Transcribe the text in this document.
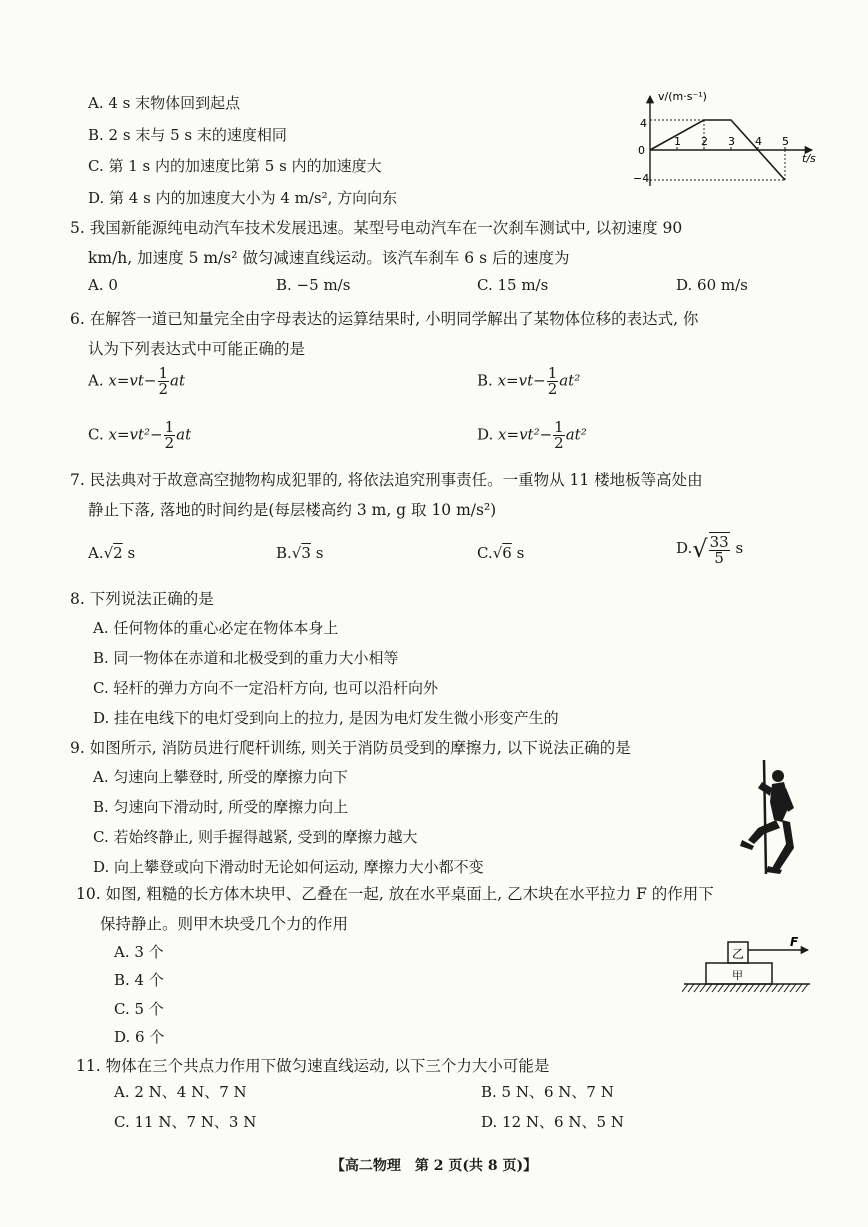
A. 4 s 末物体回到起点
B. 2 s 末与 5 s 末的速度相同
C. 第 1 s 内的加速度比第 5 s 内的加速度大
D. 第 4 s 内的加速度大小为 4 m/s², 方向向东
v/(m·s⁻¹)
t/s
0
4
−4
1 2 3 4 5
5. 我国新能源纯电动汽车技术发展迅速。某型号电动汽车在一次刹车测试中, 以初速度 90
km/h, 加速度 5 m/s² 做匀减速直线运动。该汽车刹车 6 s 后的速度为
A. 0	B. −5 m/s	C. 15 m/s	D. 60 m/s
6. 在解答一道已知量完全由字母表达的运算结果时, 小明同学解出了某物体位移的表达式, 你
认为下列表达式中可能正确的是
A. $x=vt- \frac{1}{2}$ at	B. $x=vt- \frac{1}{2} at^2$
C. $x=vt^2- \frac{1}{2}$ at	D. $x=vt^2- \frac{1}{2} at^2$
7. 民法典对于故意高空抛物构成犯罪的, 将依法追究刑事责任。一重物从 11 楼地板等高处由
静止下落, 落地的时间约是(每层楼高约 3 m, g 取 10 m/s²)
A.√2 s	B.√3 s	C.√6 s	$D.√ \frac{33}{5}$ s
8. 下列说法正确的是
A. 任何物体的重心必定在物体本身上
B. 同一物体在赤道和北极受到的重力大小相等
C. 轻杆的弹力方向不一定沿杆方向, 也可以沿杆向外
D. 挂在电线下的电灯受到向上的拉力, 是因为电灯发生微小形变产生的
9. 如图所示, 消防员进行爬杆训练, 则关于消防员受到的摩擦力, 以下说法正确的是
A. 匀速向上攀登时, 所受的摩擦力向下
B. 匀速向下滑动时, 所受的摩擦力向上
C. 若始终静止, 则手握得越紧, 受到的摩擦力越大
D. 向上攀登或向下滑动时无论如何运动, 摩擦力大小都不变
10. 如图, 粗糙的长方体木块甲、乙叠在一起, 放在水平桌面上, 乙木块在水平拉力 F 的作用下
保持静止。则甲木块受几个力的作用
A. 3 个
B. 4 个
C. 5 个
D. 6 个
甲
乙
F
11. 物体在三个共点力作用下做匀速直线运动, 以下三个力大小可能是
A. 2 N、4 N、7 N	B. 5 N、6 N、7 N
C. 11 N、7 N、3 N	D. 12 N、6 N、5 N
【高二物理　第 2 页(共 8 页)】
